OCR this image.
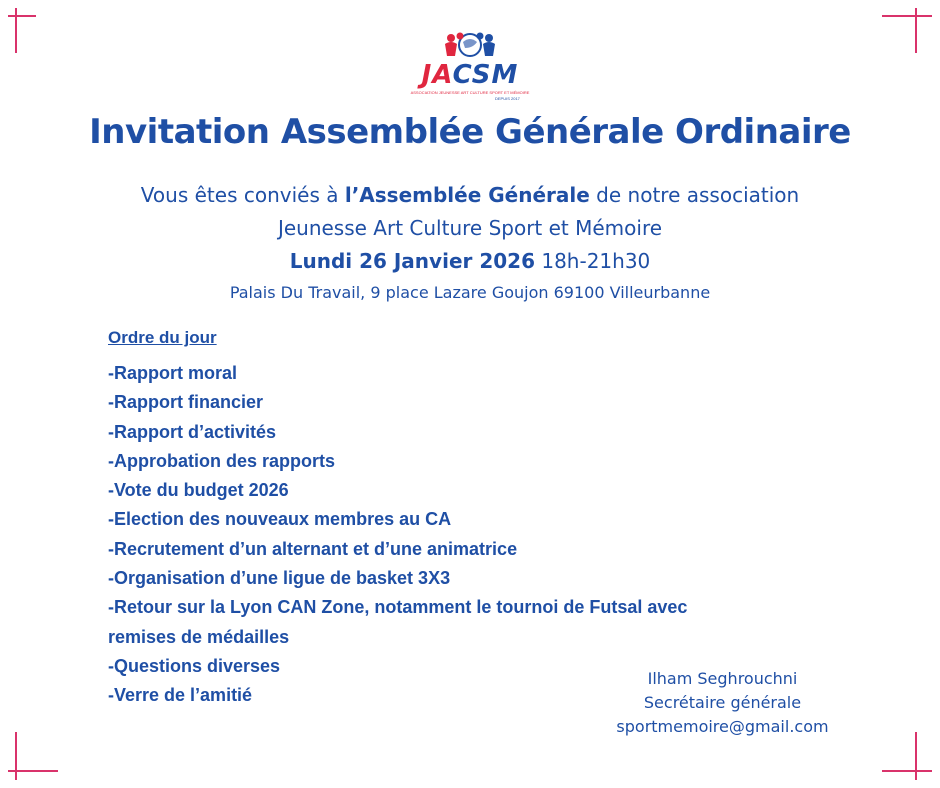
JACSM
ASSOCIATION JEUNESSE ART CULTURE SPORT ET MÉMOIRE
DEPUIS 2017
Invitation Assemblée Générale Ordinaire
Vous êtes conviés à l’Assemblée Générale de notre association
Jeunesse Art Culture Sport et Mémoire
Lundi 26 Janvier 2026 18h-21h30
Palais Du Travail, 9 place Lazare Goujon 69100 Villeurbanne
Ordre du jour
-Rapport moral
-Rapport financier
-Rapport d’activités
-Approbation des rapports
-Vote du budget 2026
-Election des nouveaux membres au CA
-Recrutement d’un alternant et d’une animatrice
-Organisation d’une ligue de basket 3X3
-Retour sur la Lyon CAN Zone, notamment le tournoi de Futsal avec
remises de médailles
-Questions diverses
-Verre de l’amitié
Ilham Seghrouchni
Secrétaire générale
sportmemoire@gmail.com
